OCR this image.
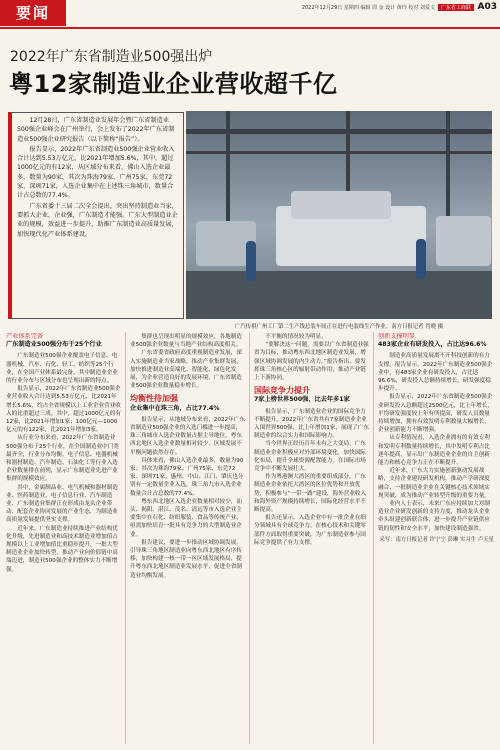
要闻	2022年12月29日 星期四 编辑 周 金 设计 黄玲 校对 刘爱文 广东省工商联 A03
2022年广东省制造业500强出炉
粤12家制造业企业营收超千亿

12月28日，广东省制造业发展年会暨广东省制造业500强企业峰会在广州举行，会上发布了2022年广东省制造业500强企业研究报告（以下简称“报告”）。

报告显示，2022年广东省制造业500强企业营业收入合计达到5.53万亿元，比2021年增加5.6%，其中，超过1000亿元的有12家，从区域分布来看，佛山入选企业最多，数量为90家，其次为珠海79家、广州75家、东莞72家、深圳71家，入选企业集中在上述珠三角城市，数量合计占总数的77.4%。

广东省委十三届二次全会提出，突出坚持制造业当家，要抓大企业，企业强，广东制造才能强。广东大型制造业企业的规模，效益进一步提升，助推广东制造业高质量发展，加快现代化产业体系建设。

广汽传祺广州工厂第二生产线总装车间正在进行电装线生产作业。南方日报记者 肖晓 摄
产业体系完备
广东制造业500强分布于25个行业

广东制造业500强企业覆盖电子信息、电器机械、汽车、石化、轻工、纺织等25个行业，在全国产业体系最完备，其中制造业企业的行业分布与区域分布也呈现出新的特点。

报告显示，2022年广东省制造业500强企业营业收入合计达到5.53万亿元，比2021年增长5.6%，约占全省规模以上工业企业营业收入的比重超过三成。其中，超过1000亿元的有12家，比2021年增加1家；100亿元—1000亿元的有122家，比2021年增加3家。

从行业分布来看，2022年广东省制造业500强分布于25个行业，在全国制造业中门类最齐全，行业分布均衡。电子信息、电器机械和器材制造、汽车制造、石油化工等行业入选企业数量排在前列，显示广东制造业先进产业集群的规模效应。

其中，金属制品业、电气机械和器材制造业、医药制造业、电子信息行业、汽车制造业、广东制造业集群正在形成由龙头企业带动、配套企业协同发展的产业生态，为制造业高质量发展提供坚实支撑。

近年来，广东制造业持续推进产业结构优化升级，先进制造业和高技术制造业增加值占规模以上工业增加值比重稳步提升，一批大型制造业企业加快转型，推动产业向价值链中高端迈进，制造业500强企业的整体实力不断增强。

集群也呈现出明显的规模效应，各地制造业500强企业数量与当地产业结构高度相关。

广东省委省政府高度重视制造业发展，深入实施制造业当家战略，推动产业集群发展，加快推进制造业高端化、智能化、绿色化发展，为企业营造良好的发展环境，广东省制造业500强企业数量稳步增长。

均衡性待加强
企业集中在珠三角，占比77.4%

报告显示，从地域分布来看，2022年广东省制造业500强企业的入选门槛进一步提高，珠三角城市入选企业数量占据主导地位，粤东西北地区入选企业数量相对较少，区域发展不平衡问题依然存在。

具体来看，佛山入选企业最多，数量为90家；其次为珠海79家、广州75家、东莞72家、深圳71家，惠州、中山、江门、肇庆也分别有一定数量企业入选，珠三角九市入选企业数量合计占总数的77.4%。

粤东西北地区入选企业数量相对较少，汕头、揭阳、湛江、茂名、清远等市入选企业主要集中在石化、纺织服装、食品等传统产业，亟需加快培育一批具有竞争力的大型制造业企业。

报告建议，要进一步推动区域协调发展，引导珠三角地区制造业向粤东西北地区有序转移，加快构建一核一带一区区域发展格局，提升粤东西北地区制造业发展水平，促进全省制造业均衡发展。

不平衡的情况较为明显。

“要解决这一问题，需要以广东省制造业强省为目标，推动粤东西北地区制造业发展，增强区域协调发展的内生动力。”报告指出，要发挥珠三角核心区的辐射带动作用，推动产业链上下游协同。

国际竞争力提升
7家上榜世界500强，比去年多1家

报告显示，广东制造业企业的国际竞争力不断提升。2022年广东省共有7家制造业企业入围世界500强，比上年增加1家，展现了广东制造业的综合实力和国际影响力。

当今世界正经历百年未有之大变局，广东制造业企业积极应对外部环境变化，加快国际化布局，提升全球资源配置能力，在国际市场竞争中不断发展壮大。

作为粤港澳大湾区的重要组成部分，广东制造业企业依托大湾区的区位优势和开放优势，积极参与“一带一路”建设，海外营业收入和海外资产规模持续增长，国际化经营水平不断提高。

报告还显示，入选企业中有一批企业在细分领域具有全球竞争力，在核心技术和关键零部件方面取得重要突破，为广东制造业参与国际竞争提供了有力支撑。

创新支撑明显
483家企业有研发投入，占比达96.6%

制造业高质量发展离不开科技创新的有力支撑。报告显示，2022年广东制造业500强企业中，有483家企业有研发投入，占比达96.6%，研发投入总额持续增长，研发强度稳步提升。

报告显示，2022年广东省制造业500强企业研发投入总额超过2500亿元，比上年增长，平均研发强度较上年有所提高，研发人员数量持续增加，拥有有效发明专利数量大幅增长，企业创新能力不断增强。

从专利情况看，入选企业拥有的有效专利和发明专利数量持续增长，其中发明专利占比逐年提高，显示出广东制造业企业的自主创新能力和核心竞争力正在不断提升。

近年来，广东大力实施创新驱动发展战略，支持企业建设研发机构，推动产学研深度融合，一批制造业企业在关键核心技术领域实现突破，成为推动产业转型升级的重要力量。

业内人士表示，未来广东应持续加大对制造业企业研发创新的支持力度，推动龙头企业牵头组建创新联合体，进一步提升产业链供应链的韧性和安全水平，加快建设制造强省。

采写：南方日报记者 许宁宁 彭琳 实习生 卢天星
